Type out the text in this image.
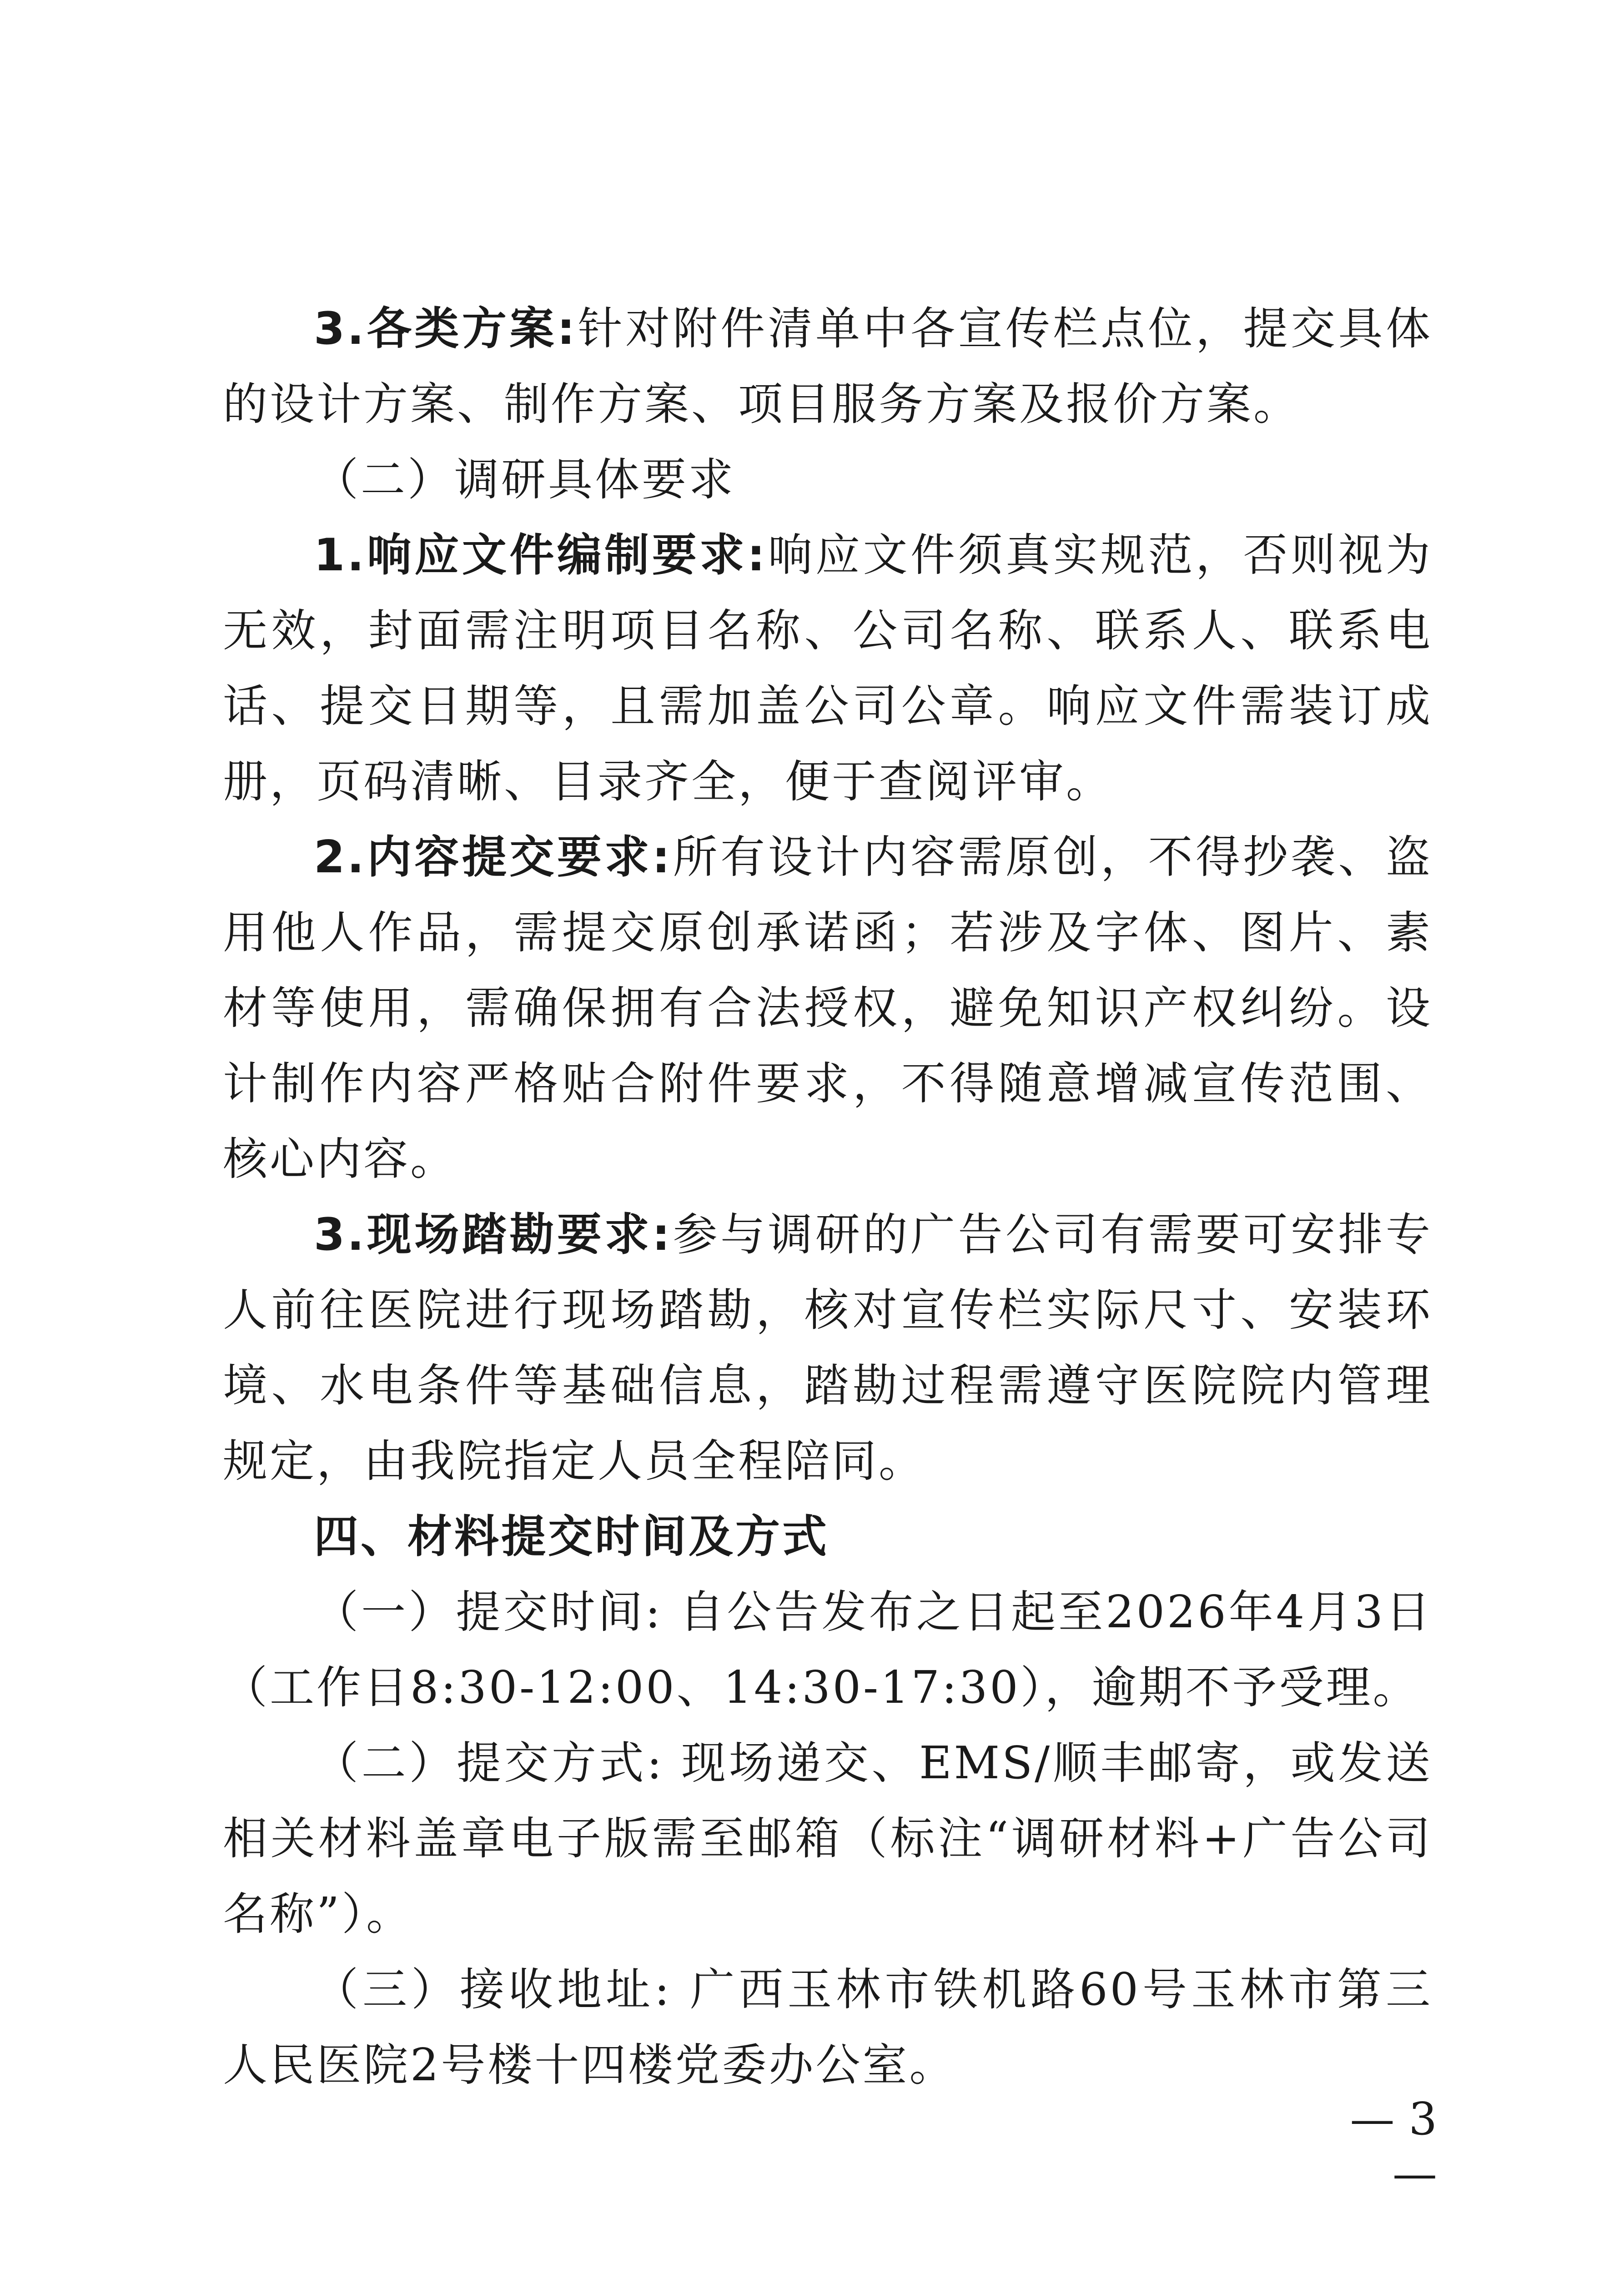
3.各类方案:针对附件清单中各宣传栏点位，提交具体的设计方案、制作方案、项目服务方案及报价方案。

（二）调研具体要求

1.响应文件编制要求:响应文件须真实规范，否则视为无效，封面需注明项目名称、公司名称、联系人、联系电话、提交日期等，且需加盖公司公章。响应文件需装订成册，页码清晰、目录齐全，便于查阅评审。

2.内容提交要求:所有设计内容需原创，不得抄袭、盗用他人作品，需提交原创承诺函；若涉及字体、图片、素材等使用，需确保拥有合法授权，避免知识产权纠纷。设计制作内容严格贴合附件要求，不得随意增减宣传范围、核心内容。

3.现场踏勘要求:参与调研的广告公司有需要可安排专人前往医院进行现场踏勘，核对宣传栏实际尺寸、安装环境、水电条件等基础信息，踏勘过程需遵守医院院内管理规定，由我院指定人员全程陪同。

四、材料提交时间及方式

（一）提交时间: 自公告发布之日起至2026年4月3日（工作日8:30-12:00、14:30-17:30），逾期不予受理。

（二）提交方式: 现场递交、EMS/顺丰邮寄，或发送相关材料盖章电子版需至邮箱（标注“调研材料+广告公司名称”）。

（三）接收地址: 广西玉林市铁机路60号玉林市第三人民医院2号楼十四楼党委办公室。

— 3 —
